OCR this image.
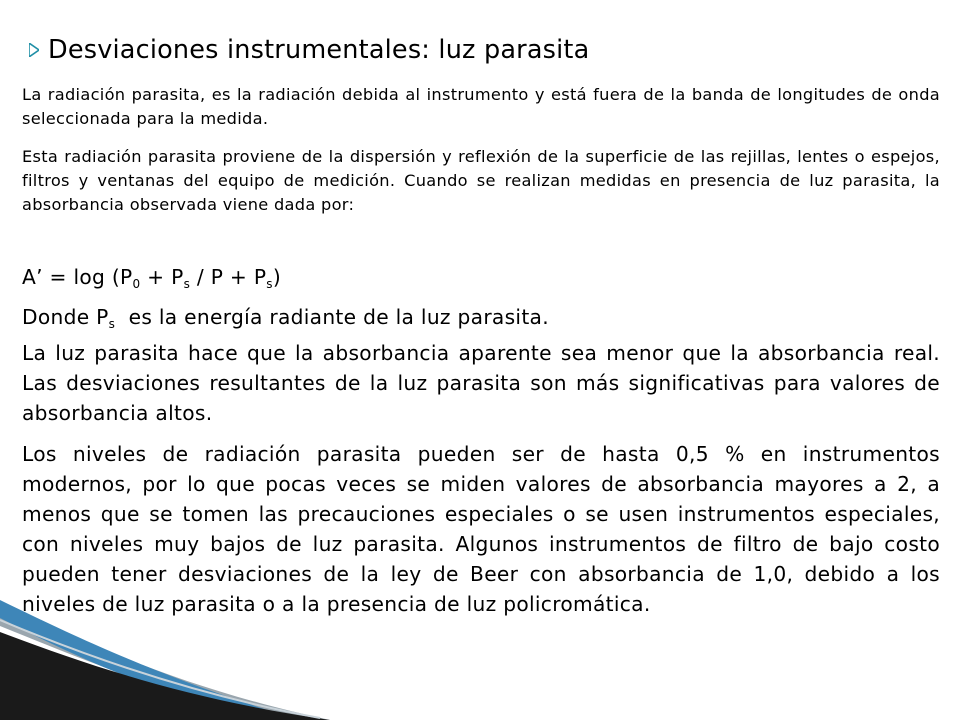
Desviaciones instrumentales: luz parasita

La radiación parasita, es la radiación debida al instrumento y está fuera de la banda de longitudes de onda seleccionada para la medida.

Esta radiación parasita proviene de la dispersión y reflexión de la superficie de las rejillas, lentes o espejos, filtros y ventanas del equipo de medición. Cuando se realizan medidas en presencia de luz parasita, la absorbancia observada viene dada por:

A’ = $\log (P_0 + P_s / P + P_s)$
Donde $P_s$  es la energía radiante de la luz parasita.

La luz parasita hace que la absorbancia aparente sea menor que la absorbancia real. Las desviaciones resultantes de la luz parasita son más significativas para valores de absorbancia altos.

Los niveles de radiación parasita pueden ser de hasta 0,5 % en instrumentos modernos, por lo que pocas veces se miden valores de absorbancia mayores a 2, a menos que se tomen las precauciones especiales o se usen instrumentos especiales, con niveles muy bajos de luz parasita. Algunos instrumentos de filtro de bajo costo pueden tener desviaciones de la ley de Beer con absorbancia de 1,0, debido a los niveles de luz parasita o a la presencia de luz policromática.
